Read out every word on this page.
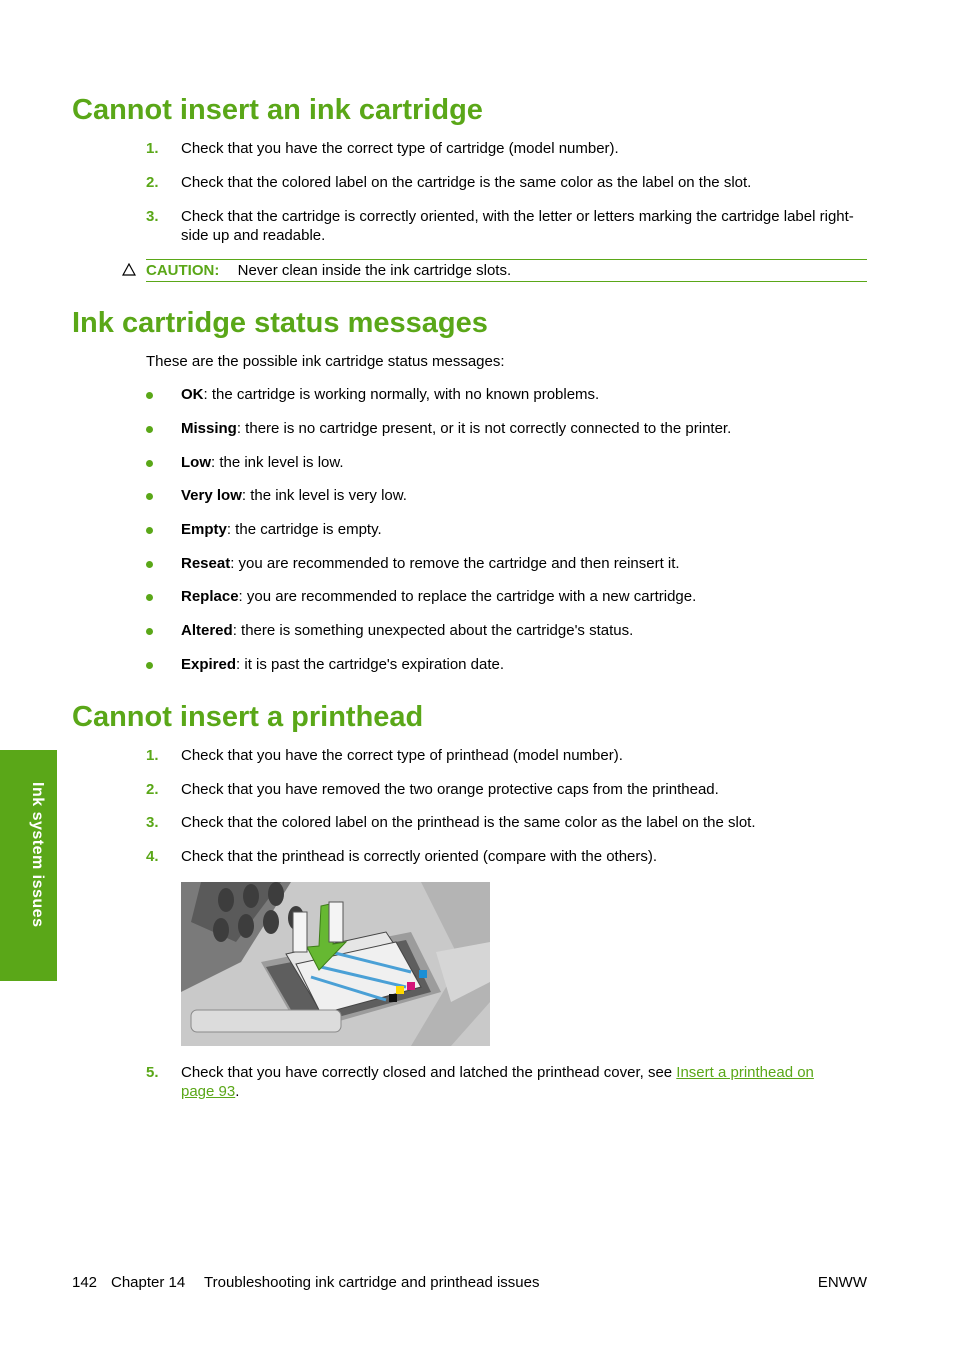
Cannot insert an ink cartridge
1. Check that you have the correct type of cartridge (model number).
2. Check that the colored label on the cartridge is the same color as the label on the slot.
3. Check that the cartridge is correctly oriented, with the letter or letters marking the cartridge label right-side up and readable.
CAUTION: Never clean inside the ink cartridge slots.
Ink cartridge status messages
These are the possible ink cartridge status messages:
OK: the cartridge is working normally, with no known problems.
Missing: there is no cartridge present, or it is not correctly connected to the printer.
Low: the ink level is low.
Very low: the ink level is very low.
Empty: the cartridge is empty.
Reseat: you are recommended to remove the cartridge and then reinsert it.
Replace: you are recommended to replace the cartridge with a new cartridge.
Altered: there is something unexpected about the cartridge's status.
Expired: it is past the cartridge's expiration date.
Cannot insert a printhead
1. Check that you have the correct type of printhead (model number).
2. Check that you have removed the two orange protective caps from the printhead.
3. Check that the colored label on the printhead is the same color as the label on the slot.
4. Check that the printhead is correctly oriented (compare with the others).
5. Check that you have correctly closed and latched the printhead cover, see Insert a printhead on page 93.
Ink system issues
142 Chapter 14 Troubleshooting ink cartridge and printhead issues	ENWW
